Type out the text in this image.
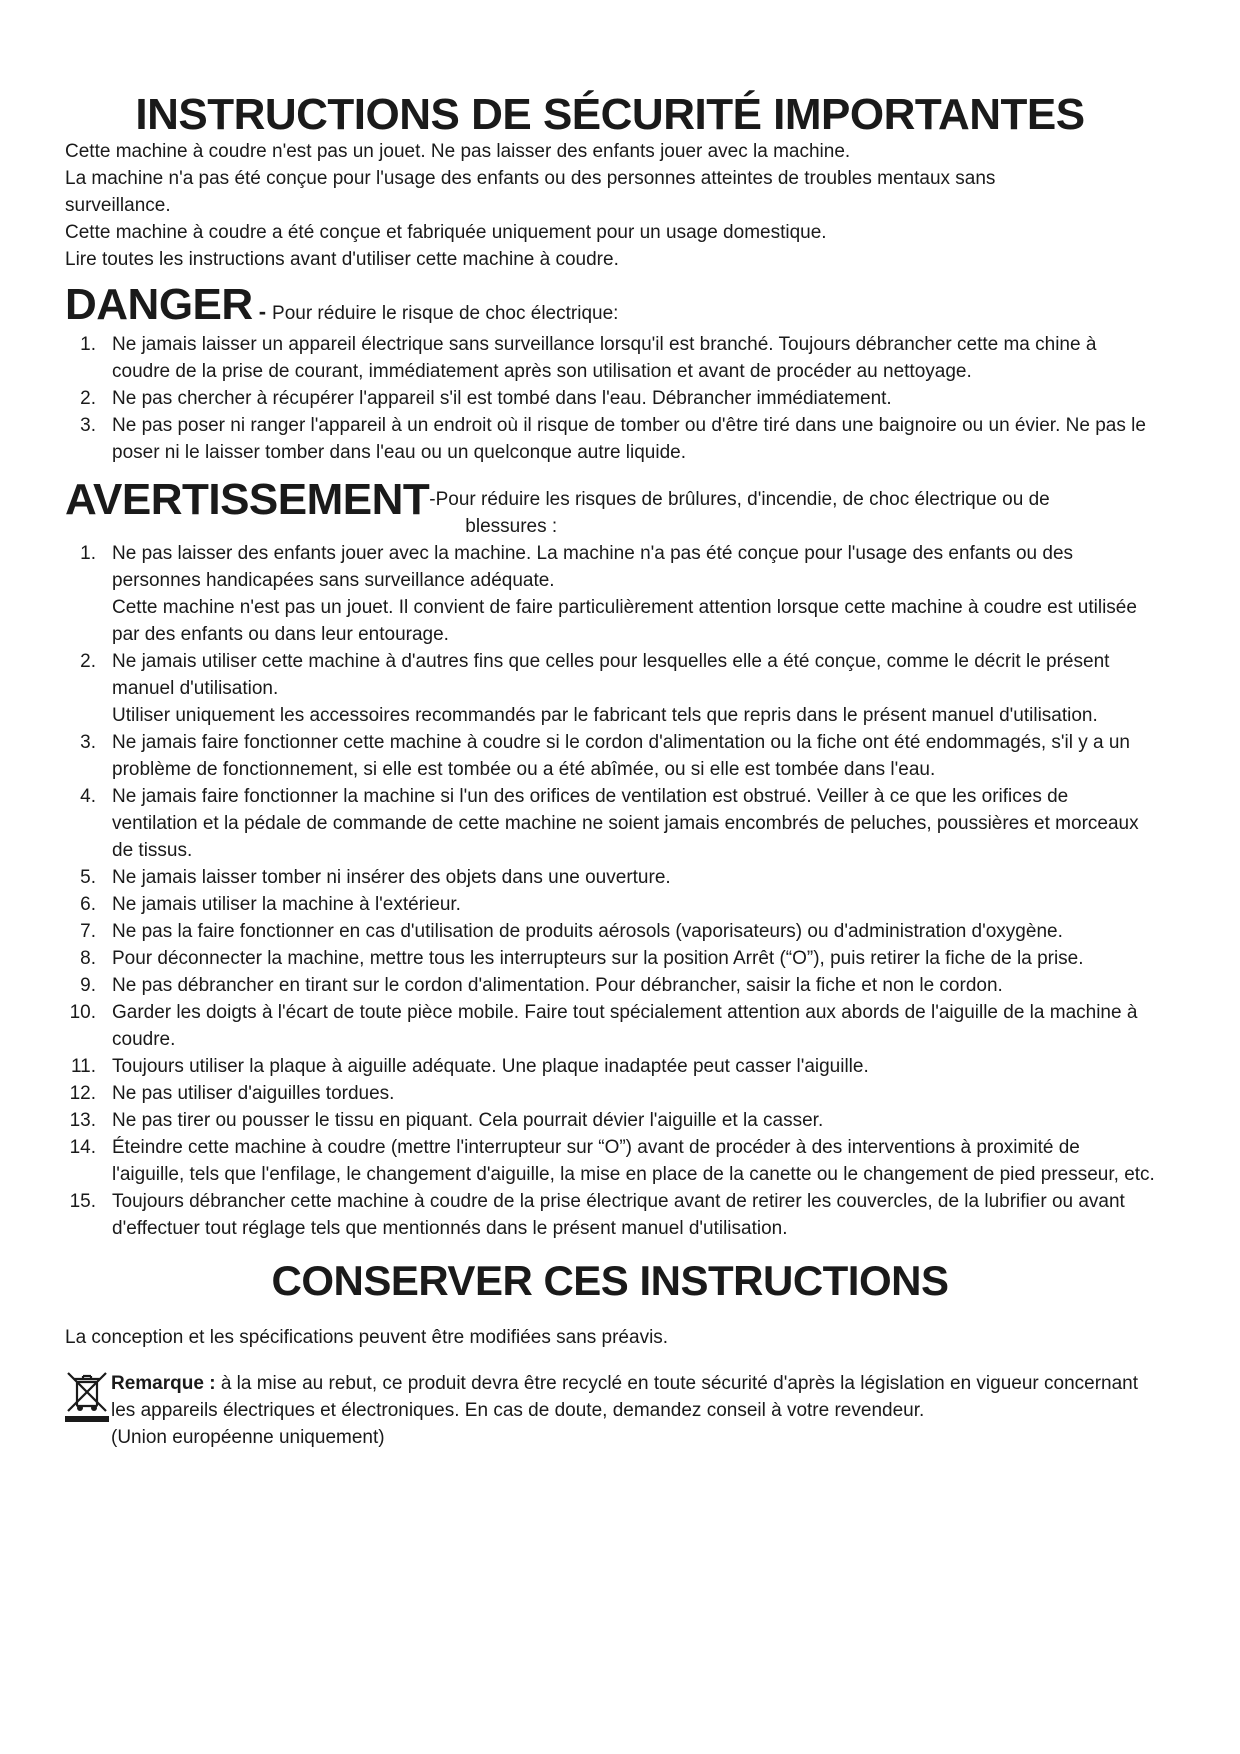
INSTRUCTIONS DE SÉCURITÉ IMPORTANTES

Cette machine à coudre n'est pas un jouet. Ne pas laisser des enfants jouer avec la machine.

La machine n'a pas été conçue pour l'usage des enfants ou des personnes atteintes de troubles mentaux sans surveillance.

Cette machine à coudre a été conçue et fabriquée uniquement pour un usage domestique.

Lire toutes les instructions avant d'utiliser cette machine à coudre.

DANGER - Pour réduire le risque de choc électrique:
1. Ne jamais laisser un appareil électrique sans surveillance lorsqu'il est branché. Toujours débrancher cette ma chine à coudre de la prise de courant, immédiatement après son utilisation et avant de procéder au nettoyage.
2. Ne pas chercher à récupérer l'appareil s'il est tombé dans l'eau. Débrancher immédiatement.
3. Ne pas poser ni ranger l'appareil à un endroit où il risque de tomber ou d'être tiré dans une baignoire ou un évier. Ne pas le poser ni le laisser tomber dans l'eau ou un quelconque autre liquide.
AVERTISSEMENT -Pour réduire les risques de brûlures, d'incendie, de choc électrique ou de
blessures :
1. Ne pas laisser des enfants jouer avec la machine. La machine n'a pas été conçue pour l'usage des enfants ou des personnes handicapées sans surveillance adéquate.
Cette machine n'est pas un jouet. Il convient de faire particulièrement attention lorsque cette machine à coudre est utilisée par des enfants ou dans leur entourage.
2. Ne jamais utiliser cette machine à d'autres fins que celles pour lesquelles elle a été conçue, comme le décrit le présent manuel d'utilisation.
Utiliser uniquement les accessoires recommandés par le fabricant tels que repris dans le présent manuel d'utilisation.
3. Ne jamais faire fonctionner cette machine à coudre si le cordon d'alimentation ou la fiche ont été endommagés, s'il y a un problème de fonctionnement, si elle est tombée ou a été abîmée, ou si elle est tombée dans l'eau.
4. Ne jamais faire fonctionner la machine si l'un des orifices de ventilation est obstrué. Veiller à ce que les orifices de ventilation et la pédale de commande de cette machine ne soient jamais encombrés de peluches, poussières et morceaux de tissus.
5. Ne jamais laisser tomber ni insérer des objets dans une ouverture.
6. Ne jamais utiliser la machine à l'extérieur.
7. Ne pas la faire fonctionner en cas d'utilisation de produits aérosols (vaporisateurs) ou d'administration d'oxygène.
8. Pour déconnecter la machine, mettre tous les interrupteurs sur la position Arrêt (“O”), puis retirer la fiche de la prise.
9. Ne pas débrancher en tirant sur le cordon d'alimentation. Pour débrancher, saisir la fiche et non le cordon.
10. Garder les doigts à l'écart de toute pièce mobile. Faire tout spécialement attention aux abords de l'aiguille de la machine à coudre.
11. Toujours utiliser la plaque à aiguille adéquate. Une plaque inadaptée peut casser l'aiguille.
12. Ne pas utiliser d'aiguilles tordues.
13. Ne pas tirer ou pousser le tissu en piquant. Cela pourrait dévier l'aiguille et la casser.
14. Éteindre cette machine à coudre (mettre l'interrupteur sur “O”) avant de procéder à des interventions à proximité de l'aiguille, tels que l'enfilage, le changement d'aiguille, la mise en place de la canette ou le changement de pied presseur, etc.
15. Toujours débrancher cette machine à coudre de la prise électrique avant de retirer les couvercles, de la lubrifier ou avant d'effectuer tout réglage tels que mentionnés dans le présent manuel d'utilisation.
CONSERVER CES INSTRUCTIONS

La conception et les spécifications peuvent être modifiées sans préavis.

Remarque : à la mise au rebut, ce produit devra être recyclé en toute sécurité d'après la législation en vigueur concernant les appareils électriques et électroniques. En cas de doute, demandez conseil à votre revendeur.
(Union européenne uniquement)
